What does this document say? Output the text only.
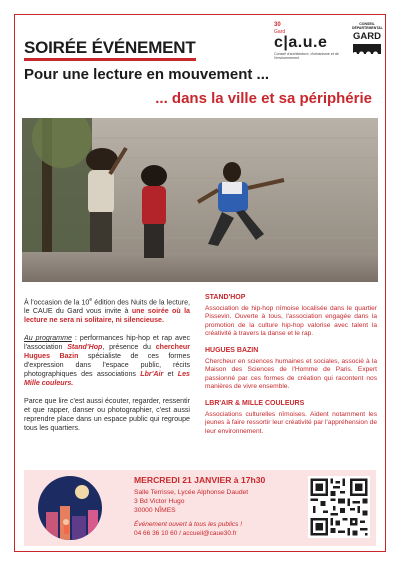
SOIRÉE ÉVÉNEMENT
Pour une lecture en mouvement ...
... dans la ville et sa périphérie
30
Gard
c|a.u.e
Conseil d'architecture, d'urbanisme et de l'environnement
CONSEIL DÉPARTEMENTAL
GARD

À l'occasion de la 10e édition des Nuits de la lecture, le CAUE du Gard vous invite à une soirée où la lecture ne sera ni solitaire, ni silencieuse.

Au programme : performances hip-hop et rap avec l'association Stand'Hop, présence du chercheur Hugues Bazin spécialiste de ces formes d'expression dans l'espace public, récits photographiques des associations Lbr'Air et Les Mille couleurs.

Parce que lire c'est aussi écouter, regarder, ressentir et que rapper, danser ou photographier, c'est aussi reprendre place dans un espace public qui regroupe tous les quartiers.

STAND'HOP
Association de hip-hop nîmoise localisée dans le quartier Pissevin. Ouverte à tous, l'association engagée dans la promotion de la culture hip-hop valorise avec talent la créativité à travers la danse et le rap.
HUGUES BAZIN
Chercheur en sciences humaines et sociales, associé à la Maison des Sciences de l'Homme de Paris. Expert passionné par ces formes de création qui racontent nos manières de vivre ensemble.
LBR'AIR & MILLE COULEURS
Associations culturelles nîmoises. Aident notamment les jeunes à faire ressortir leur créativité par l'appréhension de leur environnement.
MERCREDI 21 JANVIER à 17h30
Salle Terrisse, Lycée Alphonse Daudet
3 Bd Victor Hugo
30000 NÎMES
Événement ouvert à tous les publics !
04 66 36 10 60 / accueil@caue30.fr
